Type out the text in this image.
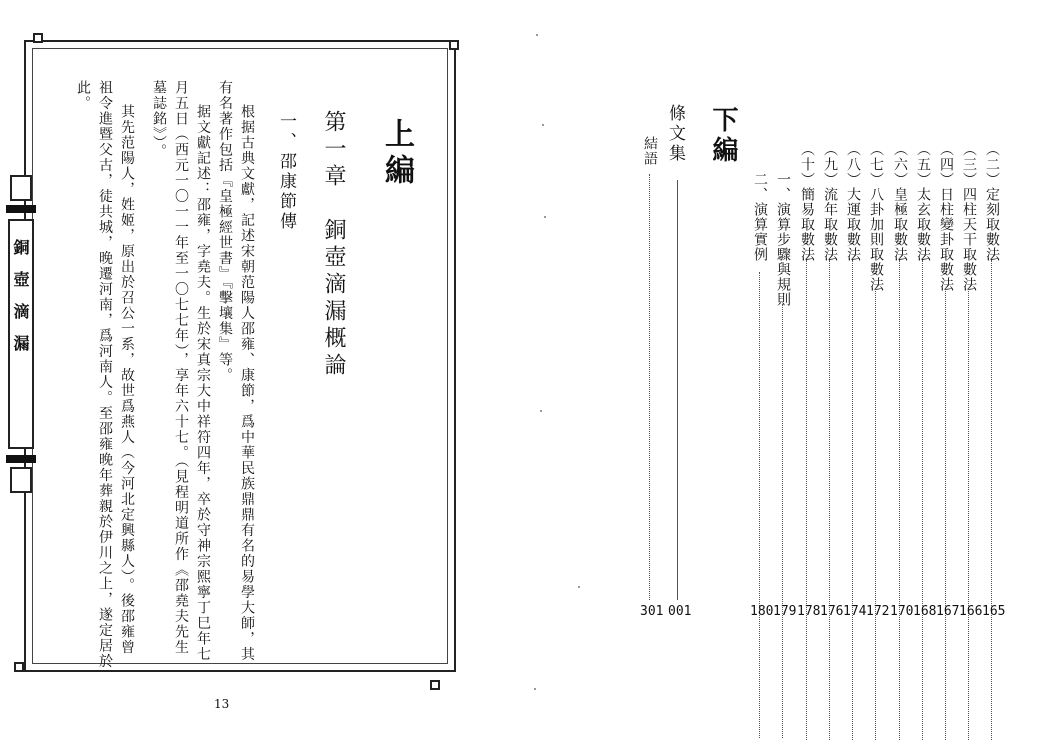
銅壺滴漏
上編
第一章　銅壺滴漏概論
一、邵康節傳
根据古典文獻，記述宋朝范陽人邵雍、康節，爲中華民族鼎鼎有名的易學大師，其
有名著作包括『皇極經世書』『擊壤集』等。
据文獻記述：邵雍，字堯夫。生於宋真宗大中祥符四年，卒於守神宗熙寧丁巳年七
月五日（西元一〇一一年至一〇七七年），享年六十七。（見程明道所作《邵堯夫先生
墓誌銘》）。
其先范陽人，姓姬，原出於召公一系，故世爲燕人（今河北定興縣人）。後邵雍曾
祖令進暨父古，徒共城，晚遷河南，爲河南人。至邵雍晚年葬親於伊川之上，遂定居於
此。
13
（二）定刻取數法
165
（三）四柱天干取數法
166
（四）日柱變卦取數法
167
（五）太玄取數法
168
（六）皇極取數法
170
（七）八卦加則取數法
172
（八）大運取數法
174
（九）流年取數法
176
（十）簡易取數法
178
一、演算步驟與規則
179
二、演算實例
180
下編
條文集
001
結語
301
